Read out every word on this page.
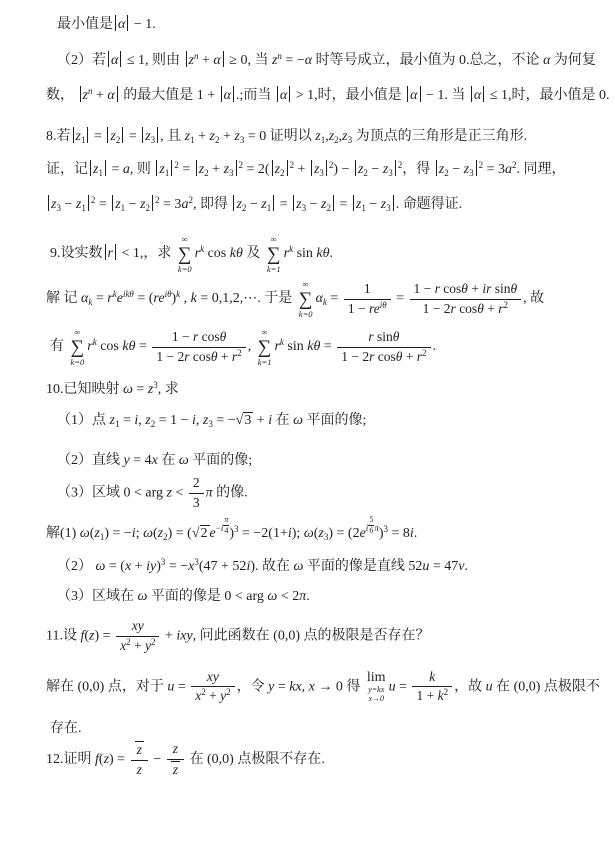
最小值是 α − 1.

（2）若 α ≤ 1, 则由 $z^n + \alpha \ge 0$, 当 $z^n = -\alpha$ 时等号成立，最小值为 0.总之，不论 α 为何复

数， $z^n + \alpha$ 的最大值是 1 + α .;而当 α > 1,时，最小值是 α − 1. 当 α ≤ 1,时，最小值是 0.

8.若 $z_1 = z_2 = z_3$ , 且 $z_1 + z_2 + z_3 = 0$ 证明以 $z_1,z_2,z_3$ 为顶点的三角形是正三角形.

证，记 $z_1 = a$, 则 $z_1^2 = z_2 + z_3^2 = 2$( $z_2^2 + z_3^2) - z_2 - z_3^2$，得 $z_2 - z_3^2 = 3a^2$. 同理，

$z_3 - z_1^2 = z_1 - z_2^2 = 3a^2$, 即得 $z_2 - z_1 = z_3 - z_2 = z_1 - z_3$ . 命题得证.

9.设实数 r < 1,，求
∞
∑
k=0
$r^k$ cos kθ 及
∞
∑
k=1
$r^k$ sin kθ.

解 记 $\alpha_k = r^ke^{ik\theta} = (re^{i\theta})^k$ , k = 0,1,2,⋯. 于是
∞
∑
k=0
$\alpha_k = \frac{1}{1 - re^{i\theta}} = \frac{\text{1 − r cosθ + ir sinθ}}{1 - 2r \cos\theta + r^2}$ , 故

有
∞
∑
k=0
$r^k$ $\cos k\theta = \frac{\text{1 − r cosθ}}{1 - 2r \cos\theta + r^2}$ ,
∞
∑
k=1
$r^k$ $\sin k\theta = \frac{\text{r sinθ}}{1 - 2r \cos\theta + r^2}$ .

10.已知映射 $\omega = z^3$, 求

（1）点 $z_1 = i$, $z_2 = 1 - i$, $z_3 = -√3 + i$ 在 ω 平面的像;

（2）直线 y = 4x 在 ω 平面的像;

（3）区域 0 < arg $z < \frac{2}{3}$ π 的像.

解(1) $\omega(z_1) = -i$; $\omega(z_2) = (√2$ $e^{-i \frac{\pi}{4}}$ )$^3$ = −2(1+i); $\omega(z_3) = (2e^{i \frac{5}{6} \pi})^3 = 8i$.

（2） $\omega = (x + iy)^3 = -x^3(47 + 52i)$. 故在 ω 平面的像是直线 52u = 47v.

（3）区域在 ω 平面的像是 0 < arg ω < 2π.

11.设 $f(z) = \frac{xy}{x^2 + y^2}$ + ixy, 问此函数在 (0,0) 点的极限是否存在？

解在 (0,0) 点，对于 $u = \frac{xy}{x^2 + y^2}$ ，令 y = kx, x → 0 得
lim
y=kx
x→0
$u = \frac{k}{1 + k^2}$ ，故 u 在 (0,0) 点极限不

存在.

12.证明 $f(z) = \frac{z}{z} - \frac{z}{z}$ 在 (0,0) 点极限不存在.
